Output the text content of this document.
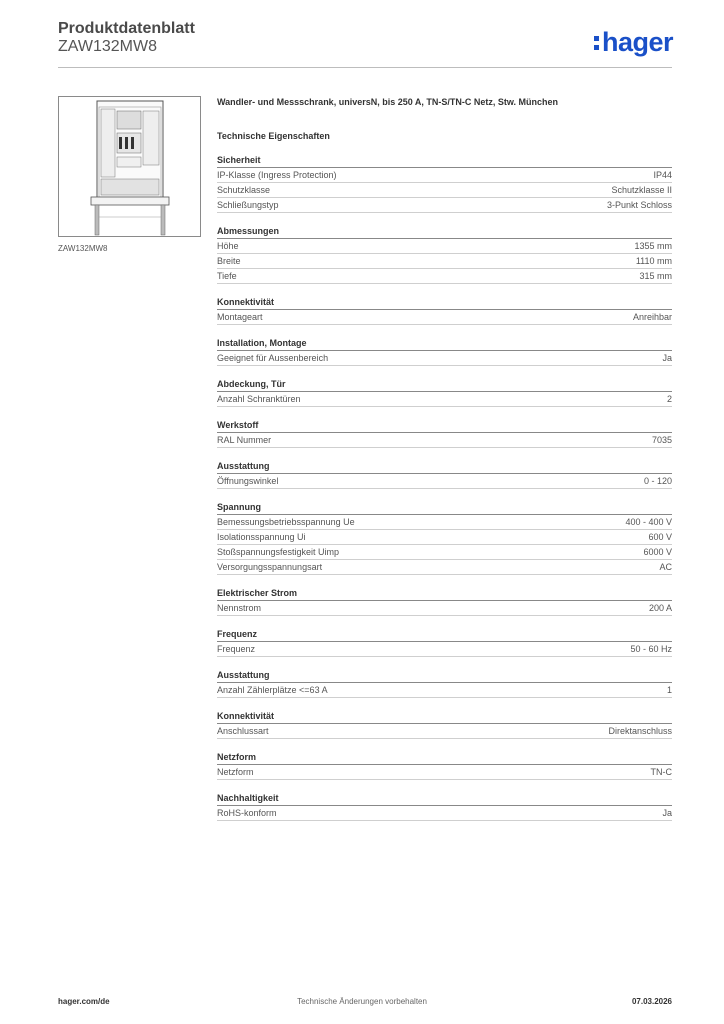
Produktdatenblatt
ZAW132MW8	hager
ZAW132MW8
Wandler- und Messschrank, universN, bis 250 A, TN-S/TN-C Netz, Stw. München
Technische Eigenschaften
Sicherheit
IP-Klasse (Ingress Protection)	IP44
Schutzklasse	Schutzklasse II
Schließungstyp	3-Punkt Schloss
Abmessungen
Höhe	1355 mm
Breite	1110 mm
Tiefe	315 mm
Konnektivität
Montageart	Anreihbar
Installation, Montage
Geeignet für Aussenbereich	Ja
Abdeckung, Tür
Anzahl Schranktüren	2
Werkstoff
RAL Nummer	7035
Ausstattung
Öffnungswinkel	0 - 120
Spannung
Bemessungsbetriebsspannung Ue	400 - 400 V
Isolationsspannung Ui	600 V
Stoßspannungsfestigkeit Uimp	6000 V
Versorgungsspannungsart	AC
Elektrischer Strom
Nennstrom	200 A
Frequenz
Frequenz	50 - 60 Hz
Ausstattung
Anzahl Zählerplätze <=63 A	1
Konnektivität
Anschlussart	Direktanschluss
Netzform
Netzform	TN-C
Nachhaltigkeit
RoHS-konform	Ja
hager.com/de	Technische Änderungen vorbehalten	07.03.2026
